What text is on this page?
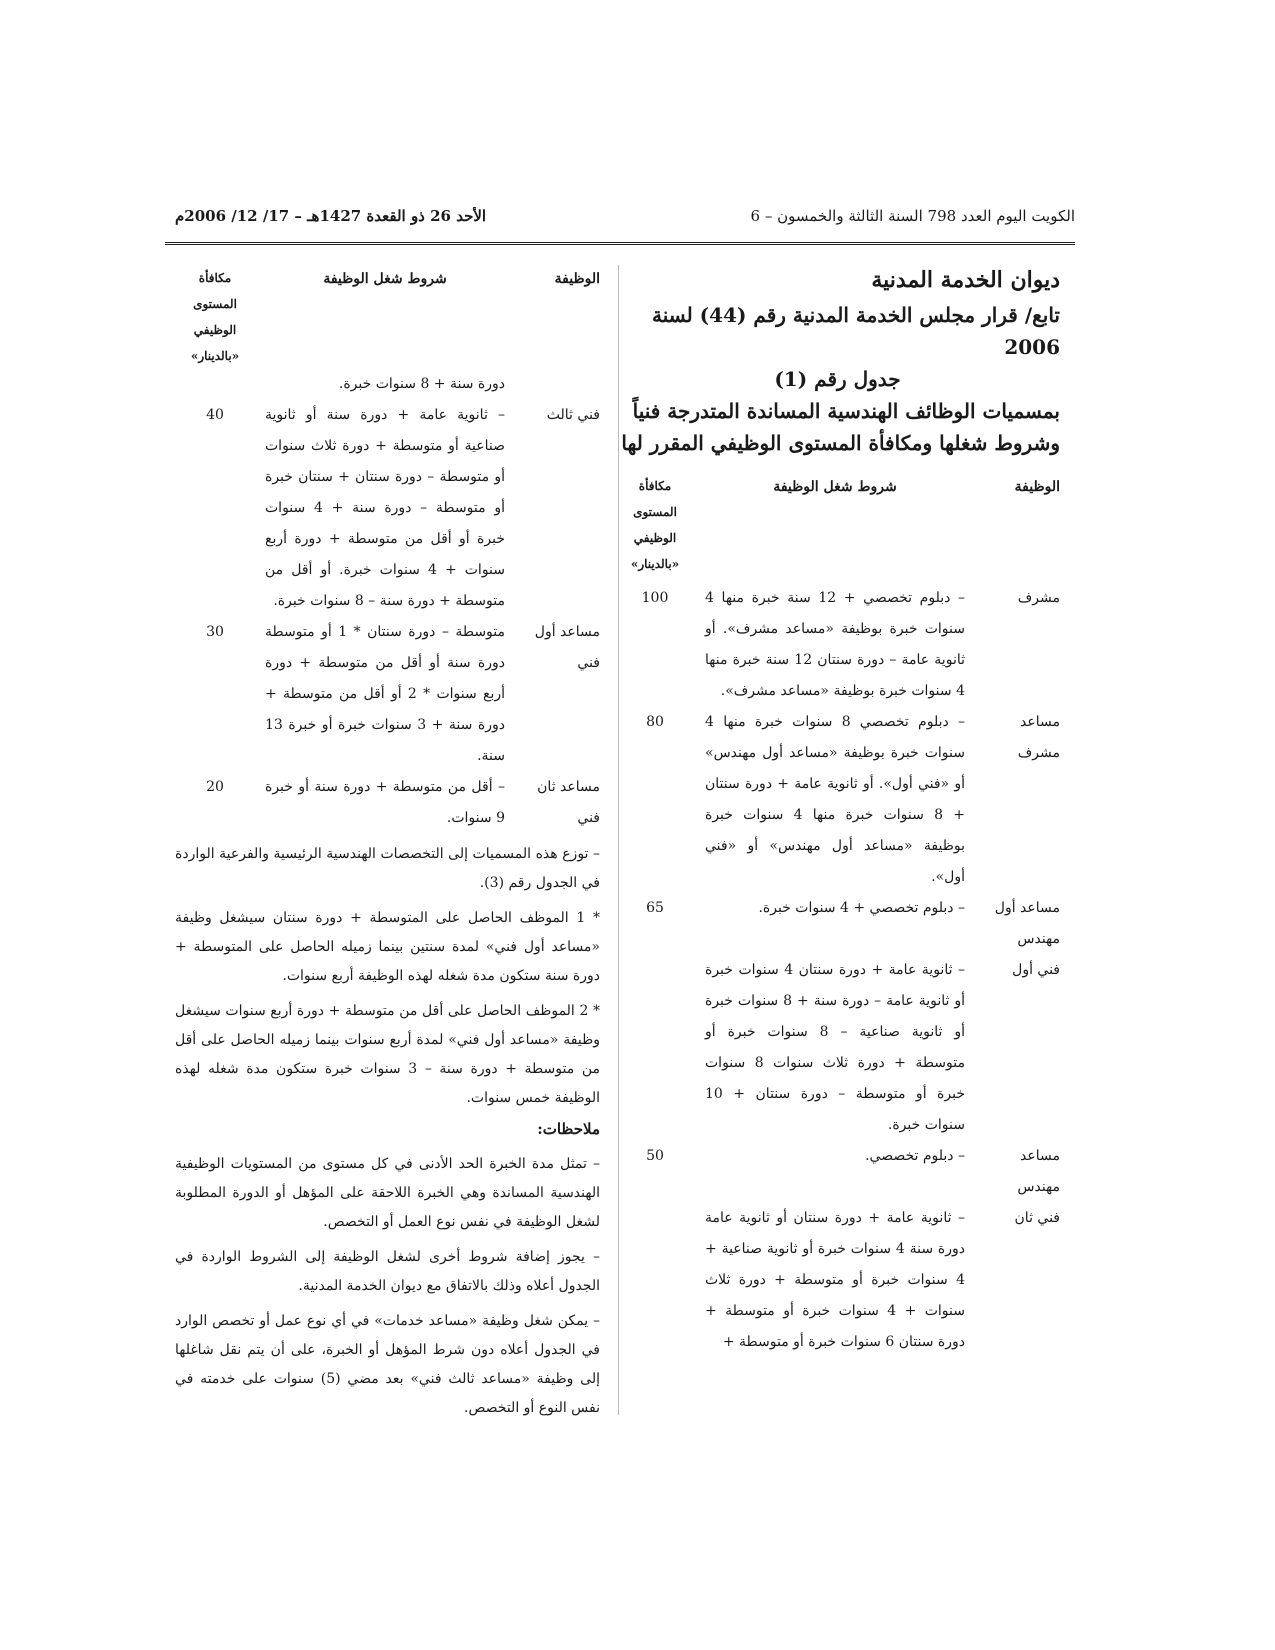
الكويت اليوم العدد 798 السنة الثالثة والخمسون – 6
الأحد 26 ذو القعدة 1427هـ – 17/ 12/ 2006م

ديوان الخدمة المدنية

تابع/ قرار مجلس الخدمة المدنية رقم (44) لسنة 2006

جدول رقم (1)

بمسميات الوظائف الهندسية المساندة المتدرجة فنياً وشروط شغلها ومكافأة المستوى الوظيفي المقرر لها

الوظيفة
شروط شغل الوظيفة
مكافأة المستوى الوظيفي «بالدينار»
مشرف
– دبلوم تخصصي + 12 سنة خبرة منها 4 سنوات خبرة بوظيفة «مساعد مشرف». أو ثانوية عامة – دورة سنتان 12 سنة خبرة منها 4 سنوات خبرة بوظيفة «مساعد مشرف».
100
مساعد مشرف
– دبلوم تخصصي 8 سنوات خبرة منها 4 سنوات خبرة بوظيفة «مساعد أول مهندس» أو «فني أول». أو ثانوية عامة + دورة سنتان + 8 سنوات خبرة منها 4 سنوات خبرة بوظيفة «مساعد أول مهندس» أو «فني أول».
80
مساعد أول مهندس
– دبلوم تخصصي + 4 سنوات خبرة.
65
فني أول
– ثانوية عامة + دورة سنتان 4 سنوات خبرة أو ثانوية عامة – دورة سنة + 8 سنوات خبرة أو ثانوية صناعية – 8 سنوات خبرة أو متوسطة + دورة ثلاث سنوات 8 سنوات خبرة أو متوسطة – دورة سنتان + 10 سنوات خبرة.
مساعد مهندس
– دبلوم تخصصي.
50
فني ثان
– ثانوية عامة + دورة سنتان أو ثانوية عامة دورة سنة 4 سنوات خبرة أو ثانوية صناعية + 4 سنوات خبرة أو متوسطة + دورة ثلاث سنوات + 4 سنوات خبرة أو متوسطة + دورة سنتان 6 سنوات خبرة أو متوسطة +
الوظيفة
شروط شغل الوظيفة
مكافأة المستوى الوظيفي «بالدينار»
دورة سنة + 8 سنوات خبرة.
فني ثالث
– ثانوية عامة + دورة سنة أو ثانوية صناعية أو متوسطة + دورة ثلاث سنوات أو متوسطة – دورة سنتان + سنتان خبرة أو متوسطة – دورة سنة + 4 سنوات خبرة أو أقل من متوسطة + دورة أربع سنوات + 4 سنوات خبرة. أو أقل من متوسطة + دورة سنة – 8 سنوات خبرة.
40
مساعد أول فني
متوسطة – دورة سنتان * 1 أو متوسطة دورة سنة أو أقل من متوسطة + دورة أربع سنوات * 2 أو أقل من متوسطة + دورة سنة + 3 سنوات خبرة أو خبرة 13 سنة.
30
مساعد ثان فني
– أقل من متوسطة + دورة سنة أو خبرة 9 سنوات.
20

– توزع هذه المسميات إلى التخصصات الهندسية الرئيسية والفرعية الواردة في الجدول رقم (3).

* 1 الموظف الحاصل على المتوسطة + دورة سنتان سيشغل وظيفة «مساعد أول فني» لمدة سنتين بينما زميله الحاصل على المتوسطة + دورة سنة ستكون مدة شغله لهذه الوظيفة أربع سنوات.

* 2 الموظف الحاصل على أقل من متوسطة + دورة أربع سنوات سيشغل وظيفة «مساعد أول فني» لمدة أربع سنوات بينما زميله الحاصل على أقل من متوسطة + دورة سنة – 3 سنوات خبرة ستكون مدة شغله لهذه الوظيفة خمس سنوات.

ملاحظات:

– تمثل مدة الخبرة الحد الأدنى في كل مستوى من المستويات الوظيفية الهندسية المساندة وهي الخبرة اللاحقة على المؤهل أو الدورة المطلوبة لشغل الوظيفة في نفس نوع العمل أو التخصص.

– يجوز إضافة شروط أخرى لشغل الوظيفة إلى الشروط الواردة في الجدول أعلاه وذلك بالاتفاق مع ديوان الخدمة المدنية.

– يمكن شغل وظيفة «مساعد خدمات» في أي نوع عمل أو تخصص الوارد في الجدول أعلاه دون شرط المؤهل أو الخبرة، على أن يتم نقل شاغلها إلى وظيفة «مساعد ثالث فني» بعد مضي (5) سنوات على خدمته في نفس النوع أو التخصص.
